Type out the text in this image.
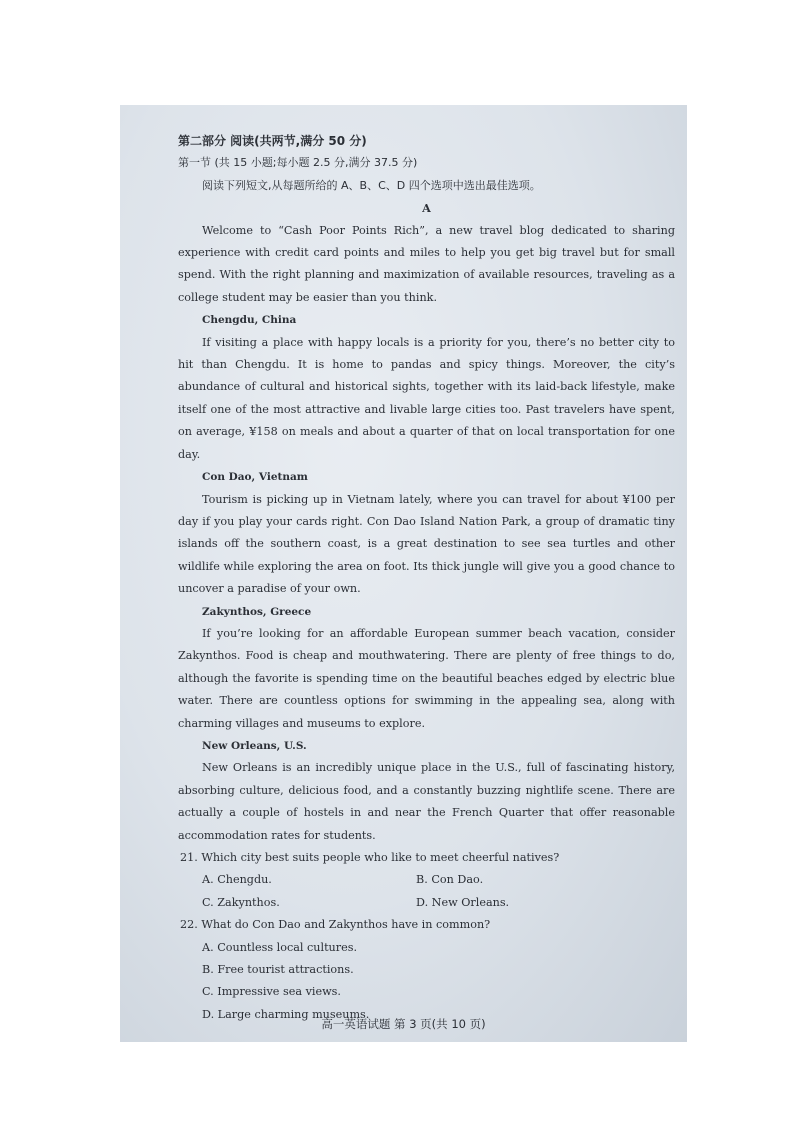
第二部分 阅读(共两节,满分 50 分)
第一节 (共 15 小题;每小题 2.5 分,满分 37.5 分)

阅读下列短文,从每题所给的 A、B、C、D 四个选项中选出最佳选项。

A

Welcome to “Cash Poor Points Rich”, a new travel blog dedicated to sharing experience with credit card points and miles to help you get big travel but for small spend. With the right planning and maximization of available resources, traveling as a college student may be easier than you think.

Chengdu, China

If visiting a place with happy locals is a priority for you, there’s no better city to hit than Chengdu. It is home to pandas and spicy things. Moreover, the city’s abundance of cultural and historical sights, together with its laid-back lifestyle, make itself one of the most attractive and livable large cities too. Past travelers have spent, on average, ¥158 on meals and about a quarter of that on local transportation for one day.

Con Dao, Vietnam

Tourism is picking up in Vietnam lately, where you can travel for about ¥100 per day if you play your cards right. Con Dao Island Nation Park, a group of dramatic tiny islands off the southern coast, is a great destination to see sea turtles and other wildlife while exploring the area on foot. Its thick jungle will give you a good chance to uncover a paradise of your own.

Zakynthos, Greece

If you’re looking for an affordable European summer beach vacation, consider Zakynthos. Food is cheap and mouthwatering. There are plenty of free things to do, although the favorite is spending time on the beautiful beaches edged by electric blue water. There are countless options for swimming in the appealing sea, along with charming villages and museums to explore.

New Orleans, U.S.

New Orleans is an incredibly unique place in the U.S., full of fascinating history, absorbing culture, delicious food, and a constantly buzzing nightlife scene. There are actually a couple of hostels in and near the French Quarter that offer reasonable accommodation rates for students.

21. Which city best suits people who like to meet cheerful natives?
A. Chengdu.	B. Con Dao.
C. Zakynthos.	D. New Orleans.
22. What do Con Dao and Zakynthos have in common?
A. Countless local cultures.
B. Free tourist attractions.
C. Impressive sea views.
D. Large charming museums.
高一英语试题 第 3 页(共 10 页)
